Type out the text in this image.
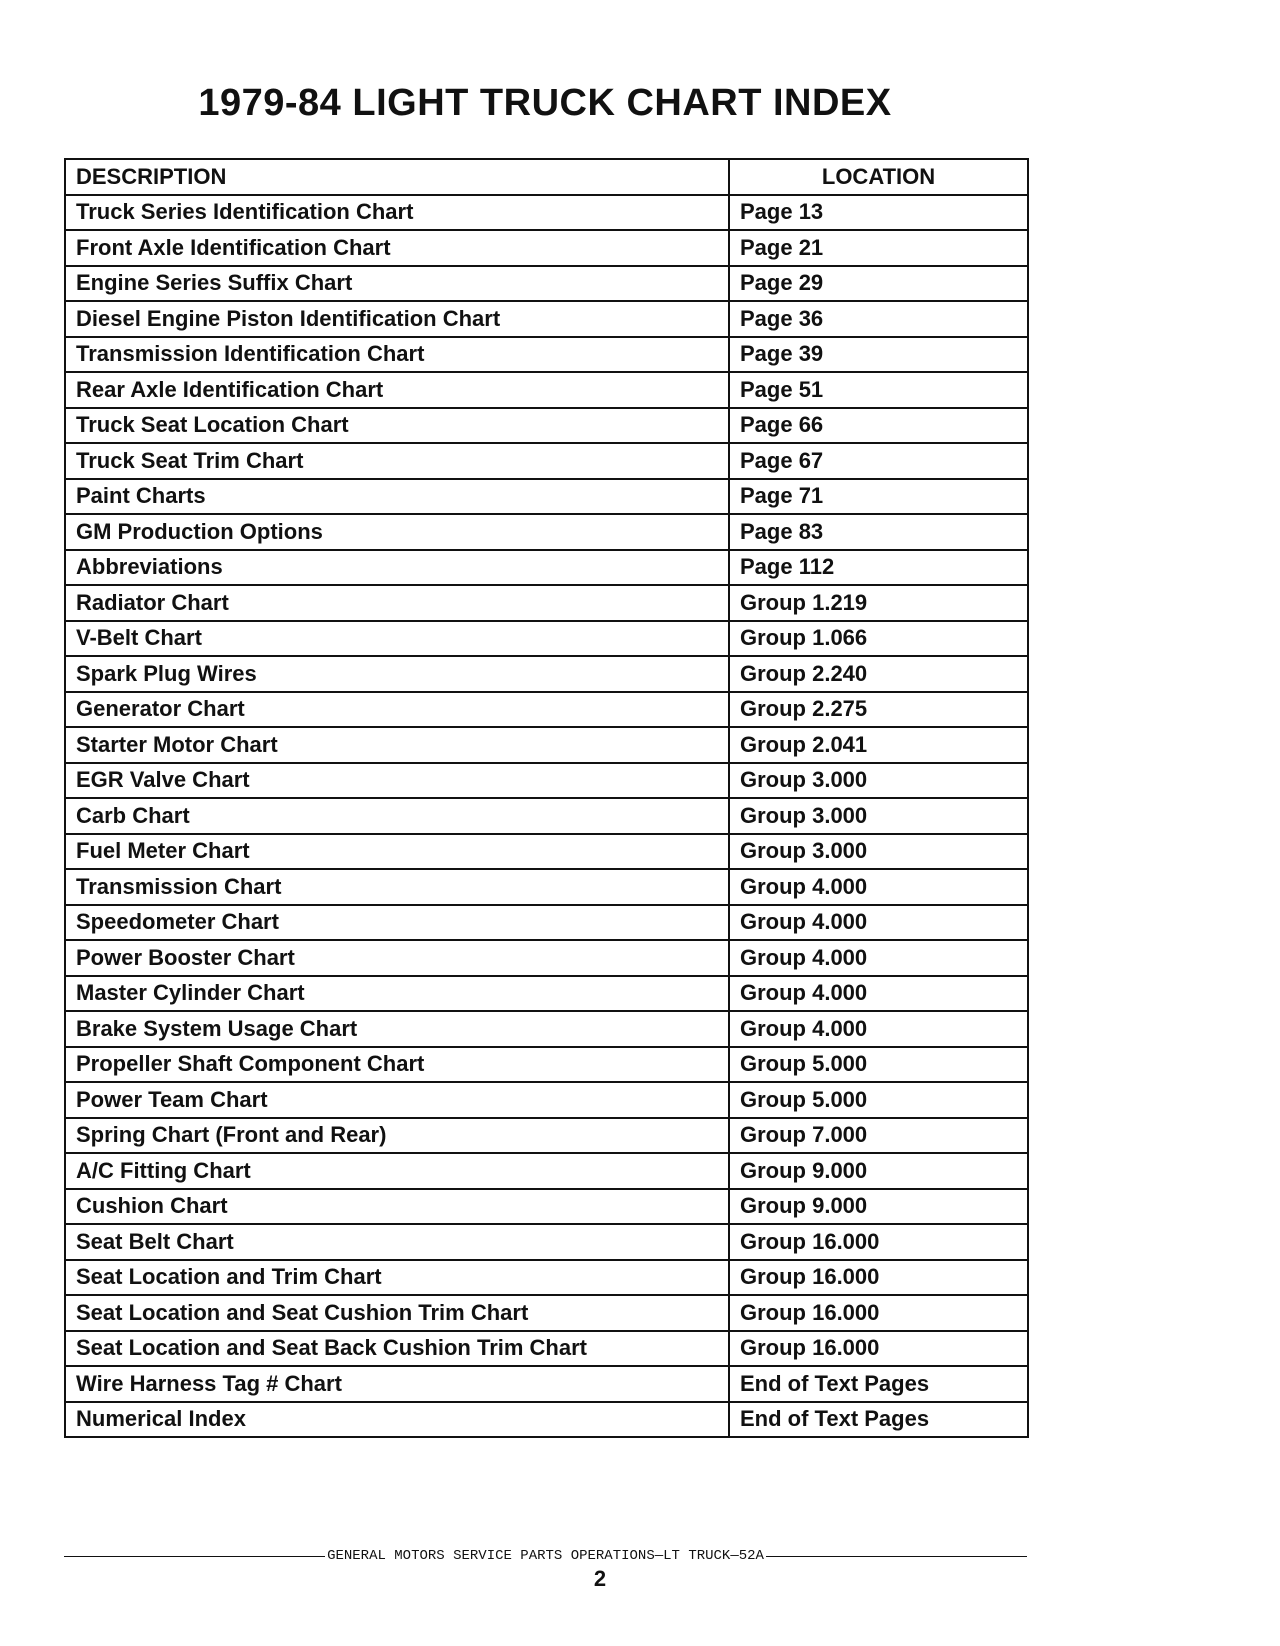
1979-84 LIGHT TRUCK CHART INDEX
DESCRIPTION	LOCATION
Truck Series Identification Chart	Page 13
Front Axle Identification Chart	Page 21
Engine Series Suffix Chart	Page 29
Diesel Engine Piston Identification Chart	Page 36
Transmission Identification Chart	Page 39
Rear Axle Identification Chart	Page 51
Truck Seat Location Chart	Page 66
Truck Seat Trim Chart	Page 67
Paint Charts	Page 71
GM Production Options	Page 83
Abbreviations	Page 112
Radiator Chart	Group 1.219
V-Belt Chart	Group 1.066
Spark Plug Wires	Group 2.240
Generator Chart	Group 2.275
Starter Motor Chart	Group 2.041
EGR Valve Chart	Group 3.000
Carb Chart	Group 3.000
Fuel Meter Chart	Group 3.000
Transmission Chart	Group 4.000
Speedometer Chart	Group 4.000
Power Booster Chart	Group 4.000
Master Cylinder Chart	Group 4.000
Brake System Usage Chart	Group 4.000
Propeller Shaft Component Chart	Group 5.000
Power Team Chart	Group 5.000
Spring Chart (Front and Rear)	Group 7.000
A/C Fitting Chart	Group 9.000
Cushion Chart	Group 9.000
Seat Belt Chart	Group 16.000
Seat Location and Trim Chart	Group 16.000
Seat Location and Seat Cushion Trim Chart	Group 16.000
Seat Location and Seat Back Cushion Trim Chart	Group 16.000
Wire Harness Tag # Chart	End of Text Pages
Numerical Index	End of Text Pages
GENERAL MOTORS SERVICE PARTS OPERATIONS—LT TRUCK—52A
2
